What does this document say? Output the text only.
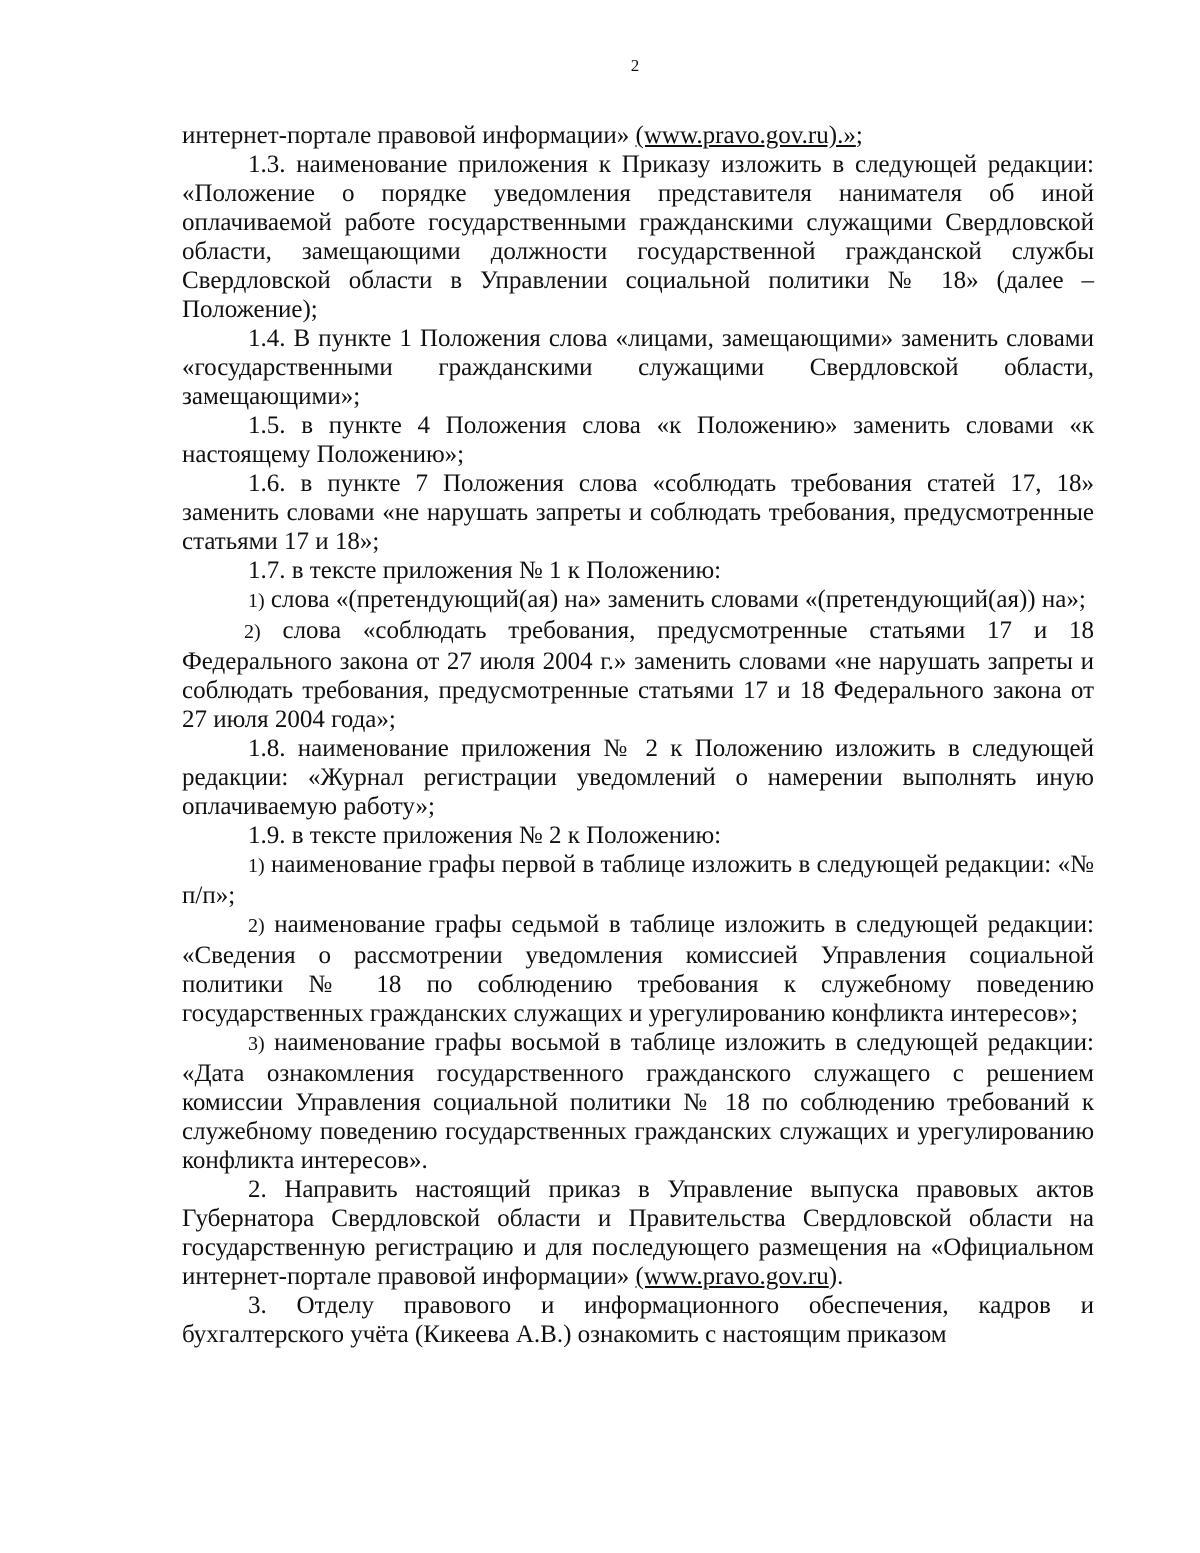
2

интернет-портале правовой информации» (www.pravo.gov.ru).»;

1.3. наименование приложения к Приказу изложить в следующей редакции: «Положение о порядке уведомления представителя нанимателя об иной оплачиваемой работе государственными гражданскими служащими Свердловской области, замещающими должности государственной гражданской службы Свердловской области в Управлении социальной политики № 18» (далее – Положение);

1.4. В пункте 1 Положения слова «лицами, замещающими» заменить словами «государственными гражданскими служащими Свердловской области, замещающими»;

1.5. в пункте 4 Положения слова «к Положению» заменить словами «к настоящему Положению»;

1.6. в пункте 7 Положения слова «соблюдать требования статей 17, 18» заменить словами «не нарушать запреты и соблюдать требования, предусмотренные статьями 17 и 18»;

1.7. в тексте приложения № 1 к Положению:

1) слова «(претендующий(ая) на» заменить словами «(претендующий(ая)) на»;

2) слова «соблюдать требования, предусмотренные статьями 17 и 18 Федерального закона от 27 июля 2004 г.» заменить словами «не нарушать запреты и соблюдать требования, предусмотренные статьями 17 и 18 Федерального закона от 27 июля 2004 года»;

1.8. наименование приложения № 2 к Положению изложить в следующей редакции: «Журнал регистрации уведомлений о намерении выполнять иную оплачиваемую работу»;

1.9. в тексте приложения № 2 к Положению:

1) наименование графы первой в таблице изложить в следующей редакции: «№ п/п»;

2) наименование графы седьмой в таблице изложить в следующей редакции: «Сведения о рассмотрении уведомления комиссией Управления социальной политики № 18 по соблюдению требования к служебному поведению государственных гражданских служащих и урегулированию конфликта интересов»;

3) наименование графы восьмой в таблице изложить в следующей редакции: «Дата ознакомления государственного гражданского служащего с решением комиссии Управления социальной политики № 18 по соблюдению требований к служебному поведению государственных гражданских служащих и урегулированию конфликта интересов».

2. Направить настоящий приказ в Управление выпуска правовых актов Губернатора Свердловской области и Правительства Свердловской области на государственную регистрацию и для последующего размещения на «Официальном интернет-портале правовой информации» (www.pravo.gov.ru).

3. Отделу правового и информационного обеспечения, кадров и бухгалтерского учёта (Кикеева А.В.) ознакомить с настоящим приказом
